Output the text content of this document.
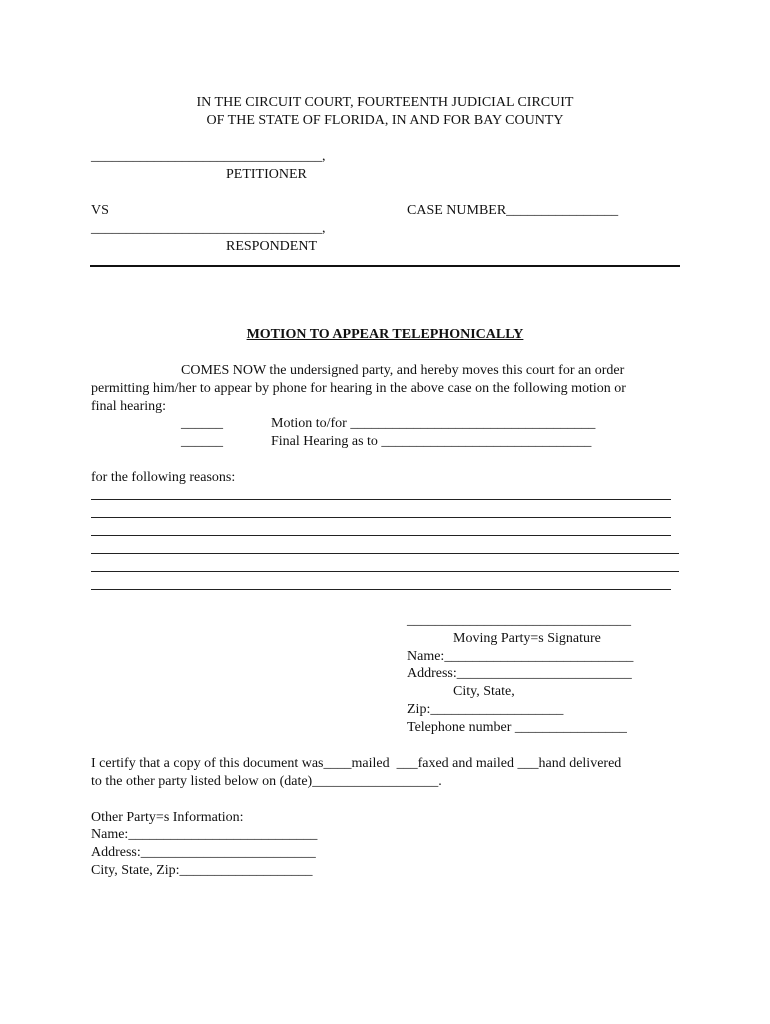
IN THE CIRCUIT COURT, FOURTEENTH JUDICIAL CIRCUIT
OF THE STATE OF FLORIDA, IN AND FOR BAY COUNTY
_________________________________,
PETITIONER
VS	CASE NUMBER________________
_________________________________,
RESPONDENT
MOTION TO APPEAR TELEPHONICALLY
COMES NOW the undersigned party, and hereby moves this court for an order
permitting him/her to appear by phone for hearing in the above case on the following motion or
final hearing:
______	Motion to/for ___________________________________
______	Final Hearing as to ______________________________
for the following reasons:
________________________________
Moving Party=s Signature
Name:___________________________
Address:_________________________
City, State,
Zip:___________________
Telephone number ________________
I certify that a copy of this document was____mailed  ___faxed and mailed ___hand delivered
to the other party listed below on (date)__________________.
Other Party=s Information:
Name:___________________________
Address:_________________________
City, State, Zip:___________________
